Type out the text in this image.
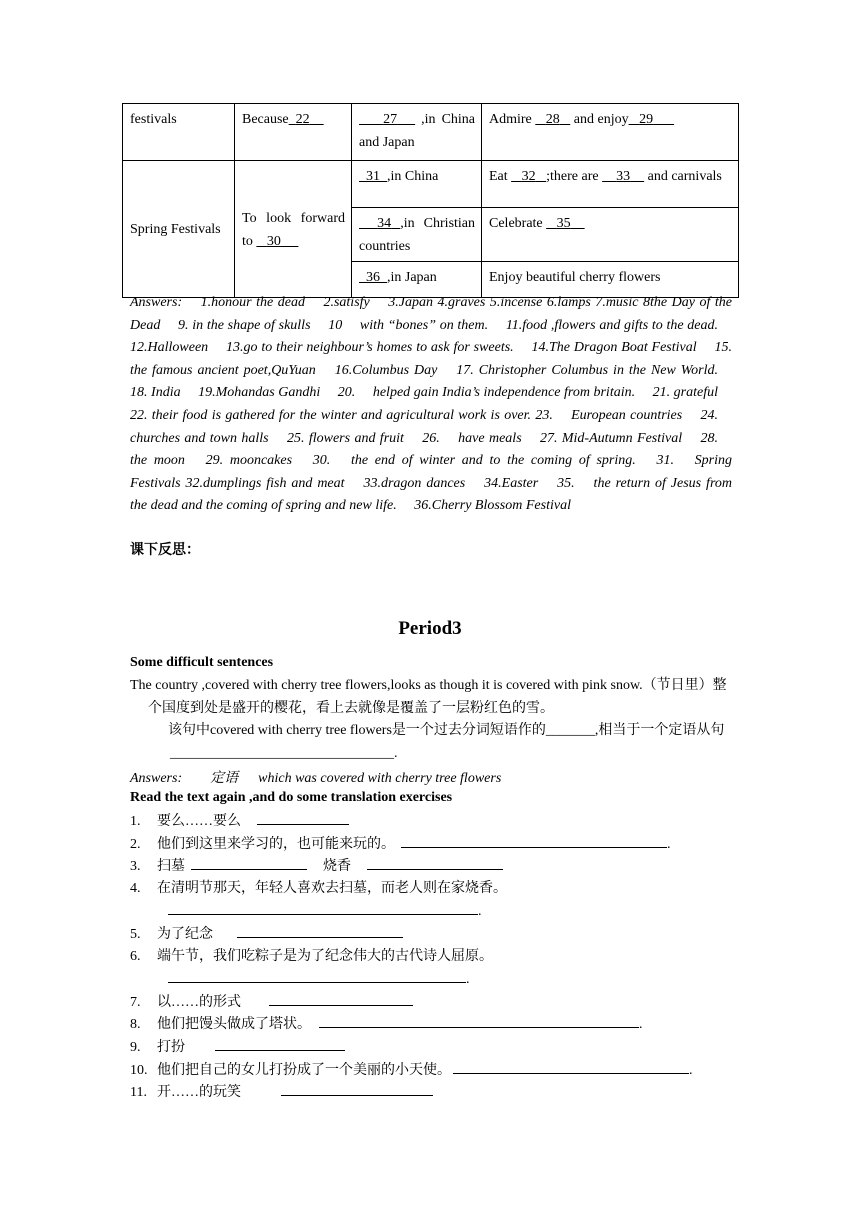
festivals	Because 22	27    ,in China and Japan	Admire    28    and enjoy 29
Spring Festivals	To look forward to    30	31 ,in China	Eat    32 ;there are     33     and carnivals
		34 ,in Christian countries	Celebrate    35
		36 ,in Japan	Enjoy beautiful cherry flowers
Answers:  1.honour the dead  2.satisfy  3.Japan 4.graves 5.incense 6.lamps 7.music 8the Day of the Dead  9. in the shape of skulls  10  with “bones” on them.  11.food ,flowers and gifts to the dead.  12.Halloween  13.go to their neighbour’s homes to ask for sweets.  14.The Dragon Boat Festival  15. the famous ancient poet,QuYuan  16.Columbus Day  17. Christopher Columbus in the New World.  18. India  19.Mohandas Gandhi  20.  helped gain India’s independence from britain.  21. grateful  22. their food is gathered for the winter and agricultural work is over. 23.  European countries  24.  churches and town halls  25. flowers and fruit  26.  have meals  27. Mid-Autumn Festival  28.  the moon  29. mooncakes  30.  the end of winter and to the coming of spring.  31.  Spring Festivals 32.dumplings fish and meat  33.dragon dances  34.Easter  35.  the return of Jesus from the dead and the coming of spring and new life.  36.Cherry Blossom Festival
课下反思：
Period3
Some difficult sentences
The country ,covered with cherry tree flowers,looks as though it is covered with pink snow.（节日里）整个国度到处是盛开的樱花，看上去就像是覆盖了一层粉红色的雪。
该句中covered with cherry tree flowers是一个过去分词短语作的_______,相当于一个定语从句________________________________.
Answers: 定语 which was covered with cherry tree flowers
Read the text again ,and do some translation exercises
1. 要么……要么
2. 他们到这里来学习的，也可能来玩的。	.
3. 扫墓	烧香
4. 在清明节那天，年轻人喜欢去扫墓，而老人则在家烧香。
.
5. 为了纪念
6. 端午节，我们吃粽子是为了纪念伟大的古代诗人屈原。
.
7. 以……的形式
8. 他们把馒头做成了塔状。	.
9. 打扮
10. 他们把自己的女儿打扮成了一个美丽的小天使。	.
11. 开……的玩笑
